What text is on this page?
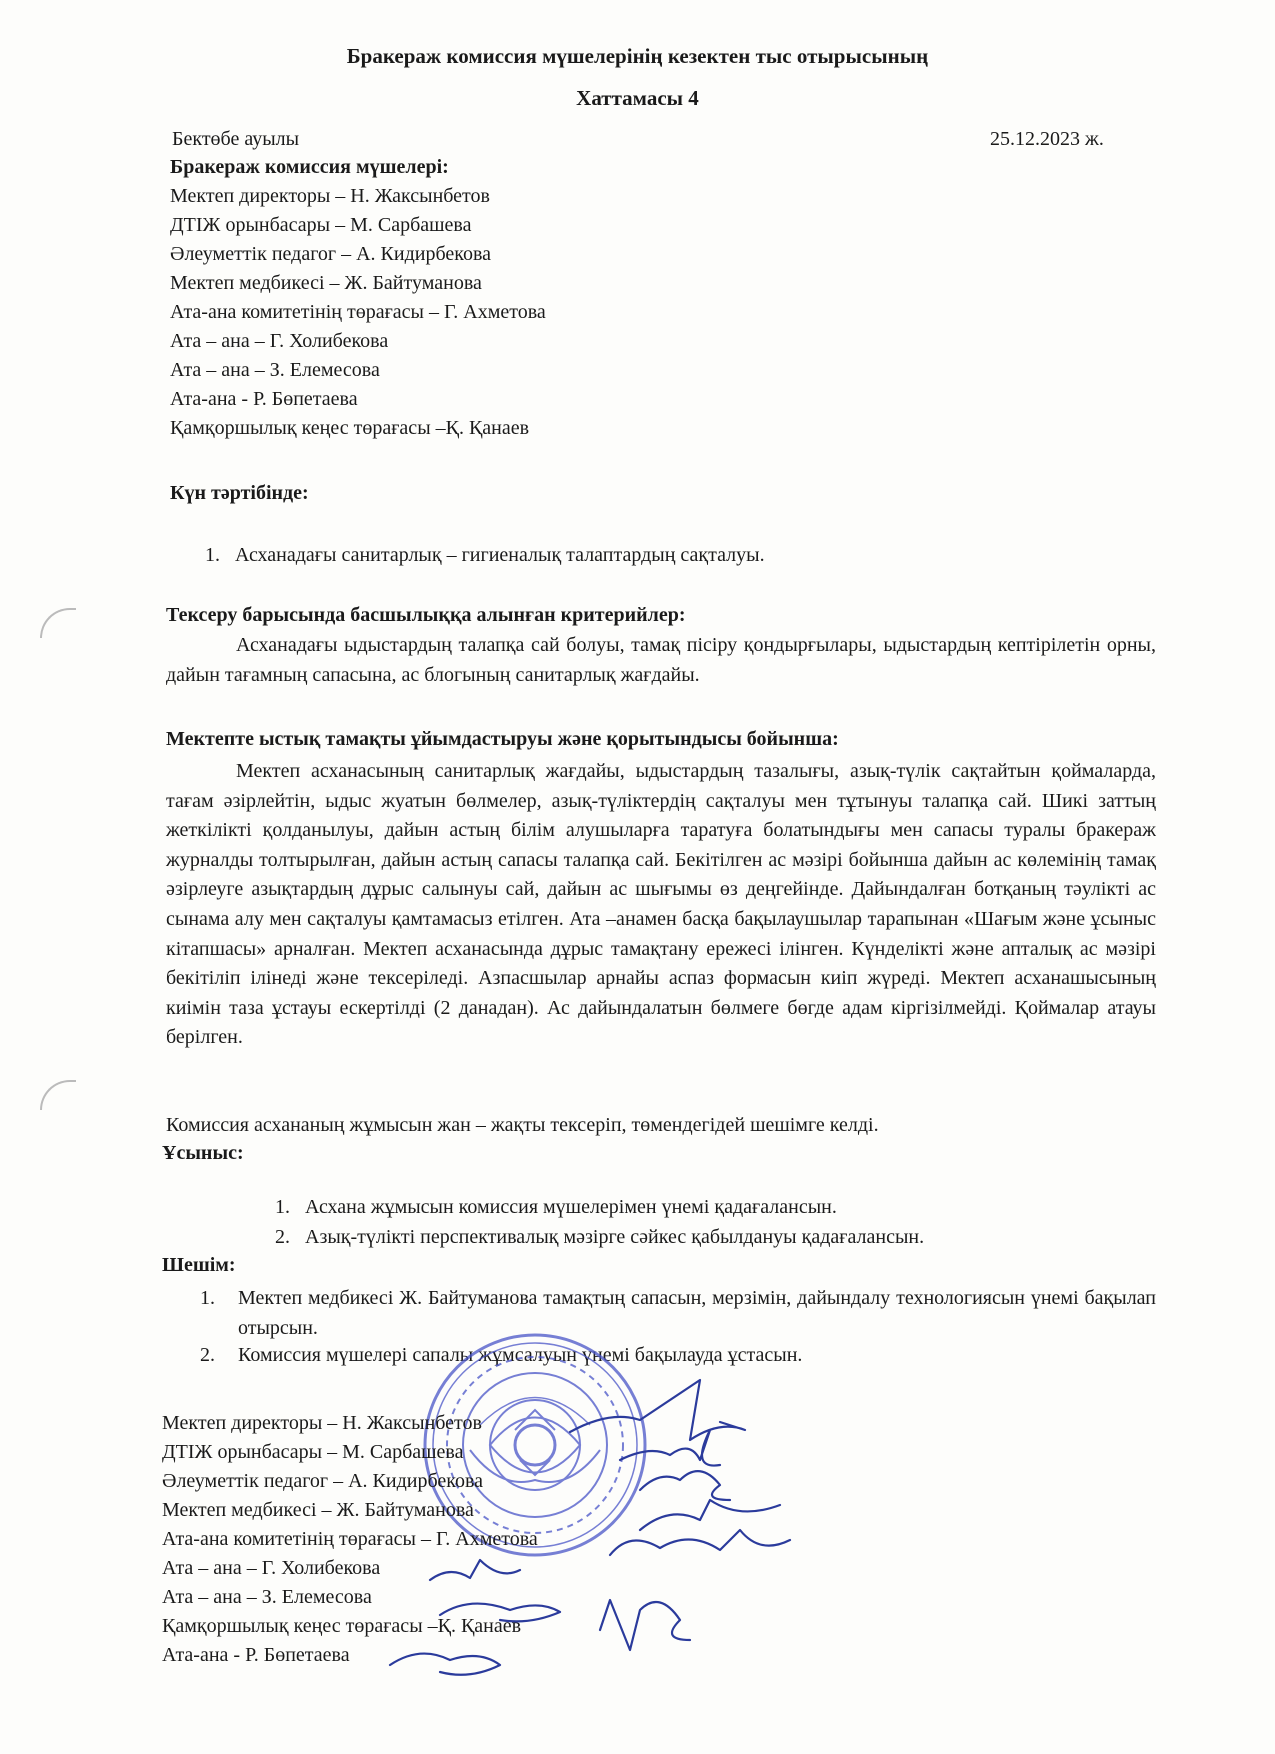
Бракераж комиссия мүшелерінің кезектен тыс отырысының
Хаттамасы 4
Бектөбе ауылы	25.12.2023 ж.
Бракераж комиссия мүшелері:
Мектеп директоры – Н. Жаксынбетов
ДТІЖ орынбасары – М. Сарбашева
Әлеуметтік педагог – А. Кидирбекова
Мектеп медбикесі – Ж. Байтуманова
Ата-ана комитетінің төрағасы – Г. Ахметова
Ата – ана – Г. Холибекова
Ата – ана – З. Елемесова
Ата-ана - Р. Бөпетаева
Қамқоршылық кеңес төрағасы –Қ. Қанаев
Күн тәртібінде:
1. Асханадағы санитарлық – гигиеналық талаптардың сақталуы.
Тексеру барысында басшылыққа алынған критерийлер:
Асханадағы ыдыстардың талапқа сай болуы, тамақ пісіру қондырғылары, ыдыстардың кептірілетін орны, дайын тағамның сапасына, ас блогының санитарлық жағдайы.
Мектепте ыстық тамақты ұйымдастыруы және қорытындысы бойынша:
Мектеп асханасының санитарлық жағдайы, ыдыстардың тазалығы, азық-түлік сақтайтын қоймаларда, тағам әзірлейтін, ыдыс жуатын бөлмелер, азық-түліктердің сақталуы мен тұтынуы талапқа сай. Шикі заттың жеткілікті қолданылуы, дайын астың білім алушыларға таратуға болатындығы мен сапасы туралы бракераж журналды толтырылған, дайын астың сапасы талапқа сай. Бекітілген ас мәзірі бойынша дайын ас көлемінің тамақ әзірлеуге азықтардың дұрыс салынуы сай, дайын ас шығымы өз деңгейінде. Дайындалған ботқаның тәулікті ас сынама алу мен сақталуы қамтамасыз етілген. Ата –анамен басқа бақылаушылар тарапынан «Шағым және ұсыныс кітапшасы» арналған. Мектеп асханасында дұрыс тамақтану ережесі ілінген. Күнделікті және апталық ас мәзірі бекітіліп ілінеді және тексеріледі. Азпасшылар арнайы аспаз формасын киіп жүреді. Мектеп асханашысының киімін таза ұстауы ескертілді (2 данадан). Ас дайындалатын бөлмеге бөгде адам кіргізілмейді. Қоймалар атауы берілген.
Комиссия асхананың жұмысын жан – жақты тексеріп, төмендегідей шешімге келді.
Ұсыныс:
1. Асхана жұмысын комиссия мүшелерімен үнемі қадағалансын.
2. Азық-түлікті перспективалық мәзірге сәйкес қабылдануы қадағалансын.
Шешім:
1. Мектеп медбикесі Ж. Байтуманова тамақтың сапасын, мерзімін, дайындалу технологиясын үнемі бақылап отырсын.
2. Комиссия мүшелері сапалы жұмсалуын үнемі бақылауда ұстасын.
Мектеп директоры – Н. Жаксынбетов
ДТІЖ орынбасары – М. Сарбашева
Әлеуметтік педагог – А. Кидирбекова
Мектеп медбикесі – Ж. Байтуманова
Ата-ана комитетінің төрағасы – Г. Ахметова
Ата – ана – Г. Холибекова
Ата – ана – З. Елемесова
Қамқоршылық кеңес төрағасы –Қ. Қанаев
Ата-ана - Р. Бөпетаева
